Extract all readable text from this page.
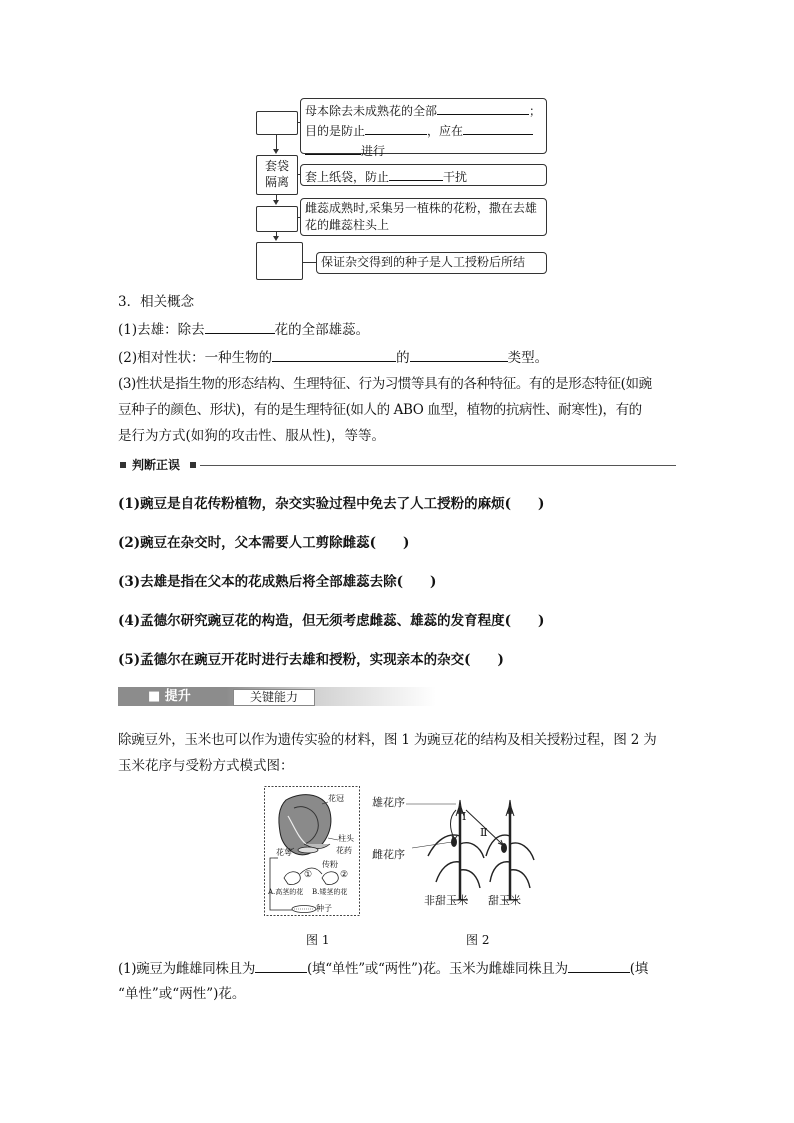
套袋
隔离
母本除去未成熟花的全部	；
目的是防止	，应在
进行
套上纸袋，防止	干扰
雌蕊成熟时,采集另一植株的花粉，撒在去雄
花的雌蕊柱头上
保证杂交得到的种子是人工授粉后所结
3．相关概念
(1)去雄：除去	花的全部雄蕊。
(2)相对性状：一种生物的	的	类型。
(3)性状是指生物的形态结构、生理特征、行为习惯等具有的各种特征。有的是形态特征(如豌
豆种子的颜色、形状)，有的是生理特征(如人的 ABO 血型，植物的抗病性、耐寒性)，有的
是行为方式(如狗的攻击性、服从性)，等等。
判断正误
(1)豌豆是自花传粉植物，杂交实验过程中免去了人工授粉的麻烦(　　)
(2)豌豆在杂交时，父本需要人工剪除雌蕊(　　)
(3)去雄是指在父本的花成熟后将全部雄蕊去除(　　)
(4)孟德尔研究豌豆花的构造，但无须考虑雌蕊、雄蕊的发育程度(　　)
(5)孟德尔在豌豆开花时进行去雄和授粉，实现亲本的杂交(　　)
■ 提升	关键能力
除豌豆外，玉米也可以作为遗传实验的材料，图 1 为豌豆花的结构及相关授粉过程，图 2 为
玉米花序与受粉方式模式图：
花冠
柱头
花萼	花药
传粉
①	②
A.高茎的花 B.矮茎的花
种子
图 1
雄花序
雌花序
Ⅰ
Ⅱ
非甜玉米 甜玉米
图 2
(1)豌豆为雌雄同株且为	(填“单性”或“两性”)花。玉米为雌雄同株且为	(填
“单性”或“两性”)花。
